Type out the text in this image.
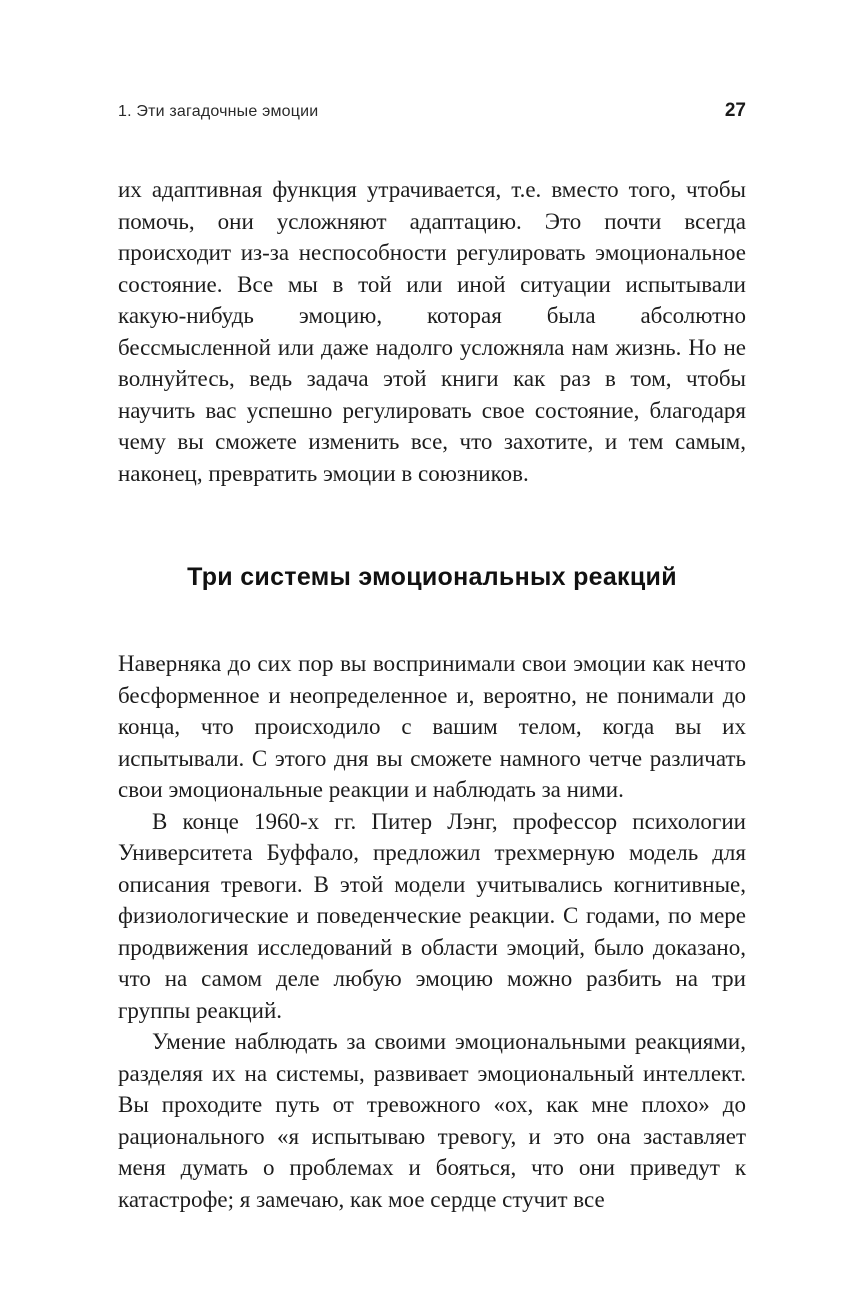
1. Эти загадочные эмоции	27

их адаптивная функция утрачивается, т.е. вместо того, чтобы помочь, они усложняют адаптацию. Это почти всегда происходит из-за неспособности регулировать эмоциональное состояние. Все мы в той или иной ситуации испытывали какую-нибудь эмоцию, которая была абсолютно бессмысленной или даже надолго усложняла нам жизнь. Но не волнуйтесь, ведь задача этой книги как раз в том, чтобы научить вас успешно регулировать свое состояние, благодаря чему вы сможете изменить все, что захотите, и тем самым, наконец, превратить эмоции в союзников.

Три системы эмоциональных реакций

Наверняка до сих пор вы воспринимали свои эмоции как нечто бесформенное и неопределенное и, вероятно, не понимали до конца, что происходило с вашим телом, когда вы их испытывали. С этого дня вы сможете намного четче различать свои эмоциональные реакции и наблюдать за ними.

В конце 1960-х гг. Питер Лэнг, профессор психологии Университета Буффало, предложил трехмерную модель для описания тревоги. В этой модели учитывались когнитивные, физиологические и поведенческие реакции. С годами, по мере продвижения исследований в области эмоций, было доказано, что на самом деле любую эмоцию можно разбить на три группы реакций.

Умение наблюдать за своими эмоциональными реакциями, разделяя их на системы, развивает эмоциональный интеллект. Вы проходите путь от тревожного «ох, как мне плохо» до рационального «я испытываю тревогу, и это она заставляет меня думать о проблемах и бояться, что они приведут к катастрофе; я замечаю, как мое сердце стучит все
